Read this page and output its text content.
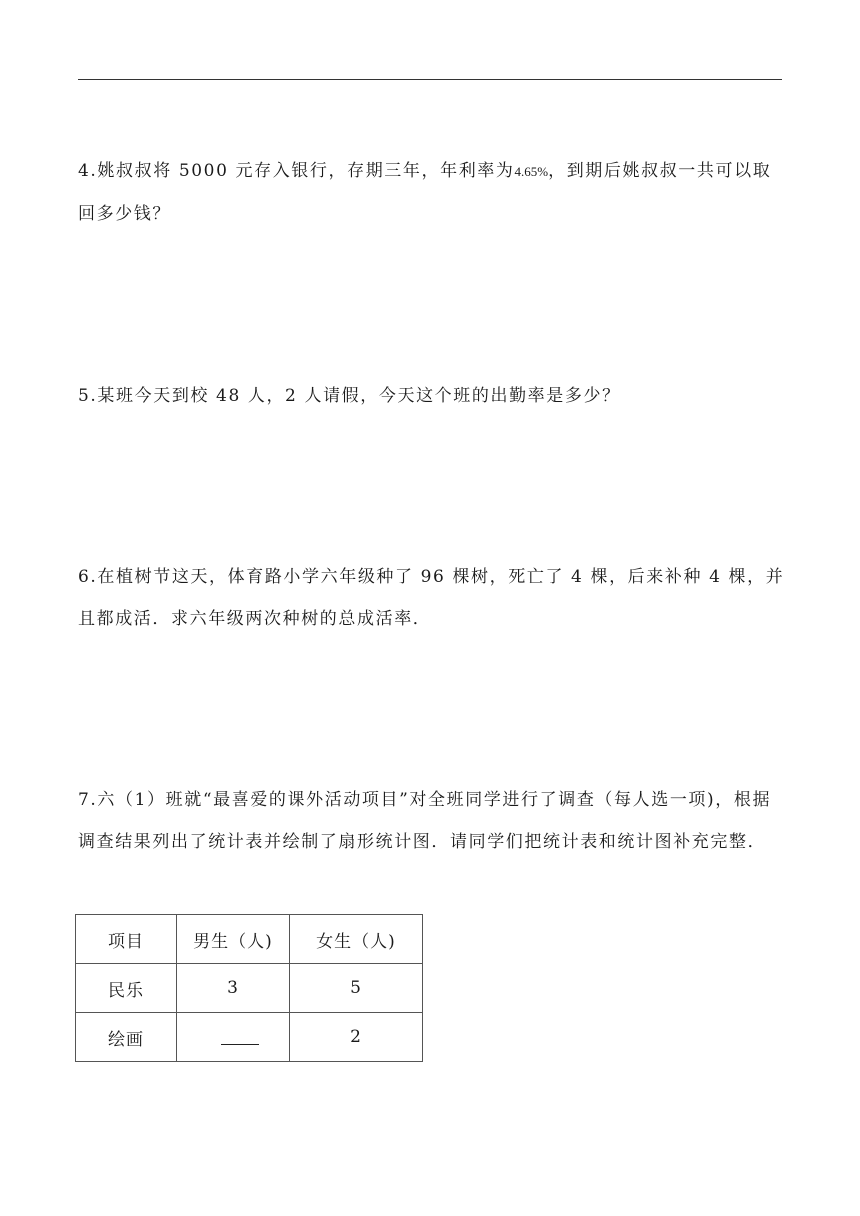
4.姚叔叔将 5000 元存入银行，存期三年，年利率为4.65%，到期后姚叔叔一共可以取回多少钱？

5.某班今天到校 48 人，2 人请假，今天这个班的出勤率是多少？

6.在植树节这天，体育路小学六年级种了 96 棵树，死亡了 4 棵，后来补种 4 棵，并且都成活．求六年级两次种树的总成活率．

7.六（1）班就“最喜爱的课外活动项目”对全班同学进行了调查（每人选一项)，根据调查结果列出了统计表并绘制了扇形统计图．请同学们把统计表和统计图补充完整．

项目	男生（人)	女生（人)
民乐	3	5
绘画		2
